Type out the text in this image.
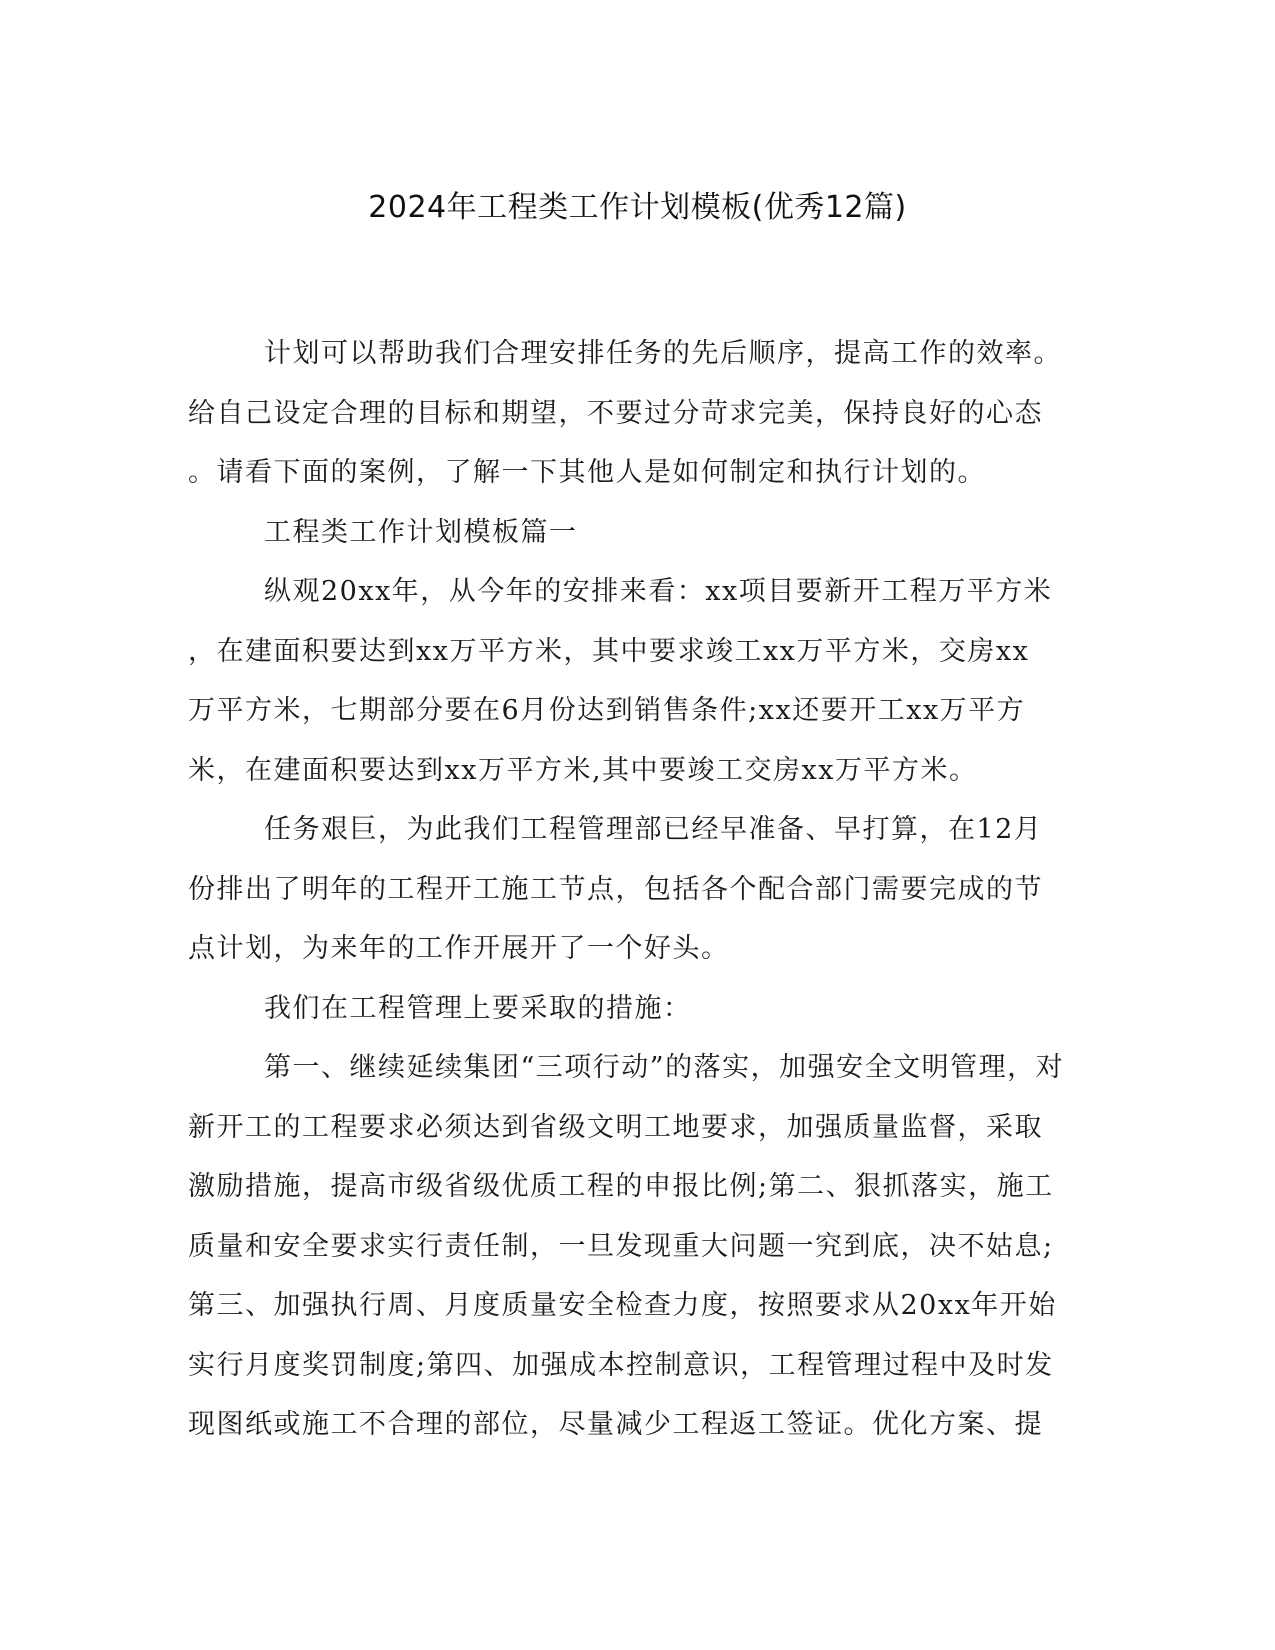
2024年工程类工作计划模板(优秀12篇)
计划可以帮助我们合理安排任务的先后顺序，提高工作的效率。
给自己设定合理的目标和期望，不要过分苛求完美，保持良好的心态
。请看下面的案例，了解一下其他人是如何制定和执行计划的。
工程类工作计划模板篇一
纵观20xx年，从今年的安排来看：xx项目要新开工程万平方米
，在建面积要达到xx万平方米，其中要求竣工xx万平方米，交房xx
万平方米，七期部分要在6月份达到销售条件;xx还要开工xx万平方
米，在建面积要达到xx万平方米,其中要竣工交房xx万平方米。
任务艰巨，为此我们工程管理部已经早准备、早打算，在12月
份排出了明年的工程开工施工节点，包括各个配合部门需要完成的节
点计划，为来年的工作开展开了一个好头。
我们在工程管理上要采取的措施：
第一、继续延续集团“三项行动”的落实，加强安全文明管理，对
新开工的工程要求必须达到省级文明工地要求，加强质量监督，采取
激励措施，提高市级省级优质工程的申报比例;第二、狠抓落实，施工
质量和安全要求实行责任制，一旦发现重大问题一究到底，决不姑息;
第三、加强执行周、月度质量安全检查力度，按照要求从20xx年开始
实行月度奖罚制度;第四、加强成本控制意识，工程管理过程中及时发
现图纸或施工不合理的部位，尽量减少工程返工签证。优化方案、提
